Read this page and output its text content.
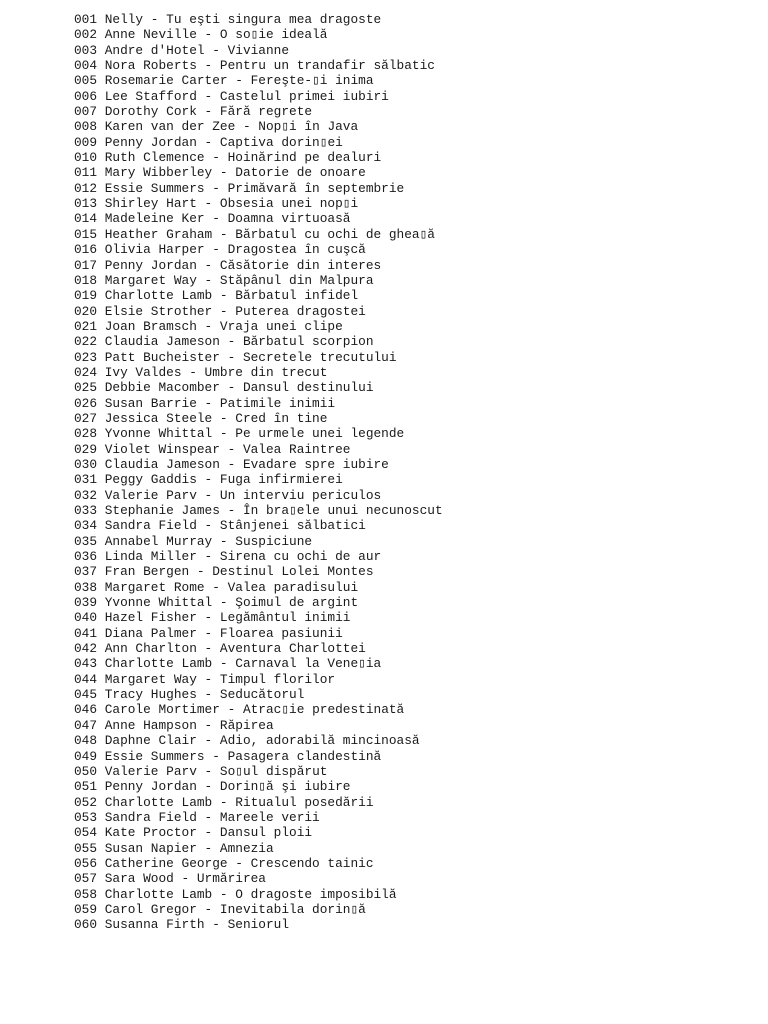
001 Nelly - Tu eşti singura mea dragoste
002 Anne Neville - O so▯ie ideală
003 Andre d'Hotel - Vivianne
004 Nora Roberts - Pentru un trandafir sălbatic
005 Rosemarie Carter - Fereşte-▯i inima
006 Lee Stafford - Castelul primei iubiri
007 Dorothy Cork - Fără regrete
008 Karen van der Zee - Nop▯i în Java
009 Penny Jordan - Captiva dorin▯ei
010 Ruth Clemence - Hoinărind pe dealuri
011 Mary Wibberley - Datorie de onoare
012 Essie Summers - Primăvară în septembrie
013 Shirley Hart - Obsesia unei nop▯i
014 Madeleine Ker - Doamna virtuoasă
015 Heather Graham - Bărbatul cu ochi de ghea▯ă
016 Olivia Harper - Dragostea în cuşcă
017 Penny Jordan - Căsătorie din interes
018 Margaret Way - Stăpânul din Malpura
019 Charlotte Lamb - Bărbatul infidel
020 Elsie Strother - Puterea dragostei
021 Joan Bramsch - Vraja unei clipe
022 Claudia Jameson - Bărbatul scorpion
023 Patt Bucheister - Secretele trecutului
024 Ivy Valdes - Umbre din trecut
025 Debbie Macomber - Dansul destinului
026 Susan Barrie - Patimile inimii
027 Jessica Steele - Cred în tine
028 Yvonne Whittal - Pe urmele unei legende
029 Violet Winspear - Valea Raintree
030 Claudia Jameson - Evadare spre iubire
031 Peggy Gaddis - Fuga infirmierei
032 Valerie Parv - Un interviu periculos
033 Stephanie James - În bra▯ele unui necunoscut
034 Sandra Field - Stânjenei sălbatici
035 Annabel Murray - Suspiciune
036 Linda Miller - Sirena cu ochi de aur
037 Fran Bergen - Destinul Lolei Montes
038 Margaret Rome - Valea paradisului
039 Yvonne Whittal - Şoimul de argint
040 Hazel Fisher - Legământul inimii
041 Diana Palmer - Floarea pasiunii
042 Ann Charlton - Aventura Charlottei
043 Charlotte Lamb - Carnaval la Vene▯ia
044 Margaret Way - Timpul florilor
045 Tracy Hughes - Seducătorul
046 Carole Mortimer - Atrac▯ie predestinată
047 Anne Hampson - Răpirea
048 Daphne Clair - Adio, adorabilă mincinoasă
049 Essie Summers - Pasagera clandestină
050 Valerie Parv - So▯ul dispărut
051 Penny Jordan - Dorin▯ă şi iubire
052 Charlotte Lamb - Ritualul posedării
053 Sandra Field - Mareele verii
054 Kate Proctor - Dansul ploii
055 Susan Napier - Amnezia
056 Catherine George - Crescendo tainic
057 Sara Wood - Urmărirea
058 Charlotte Lamb - O dragoste imposibilă
059 Carol Gregor - Inevitabila dorin▯ă
060 Susanna Firth - Seniorul
